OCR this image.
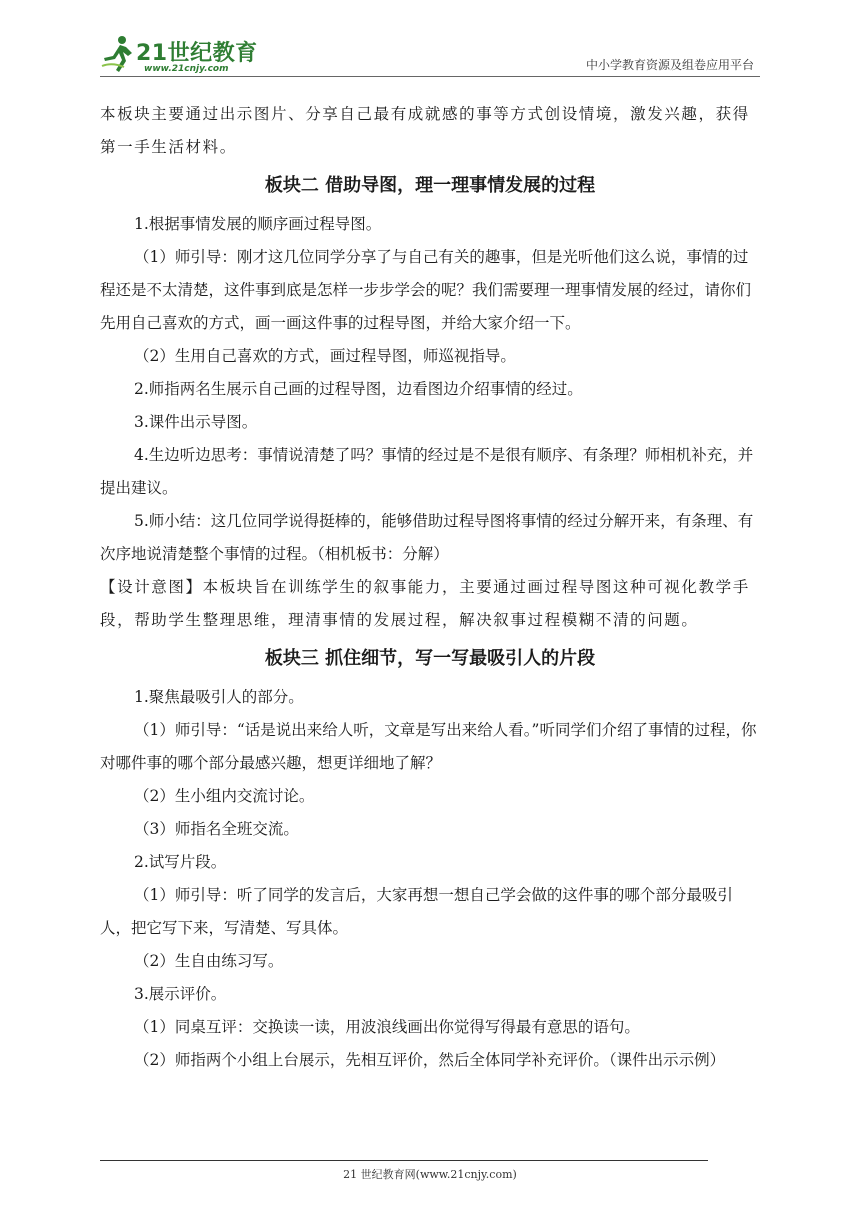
21世纪教育
www.21cnjy.com	中小学教育资源及组卷应用平台

本板块主要通过出示图片、分享自己最有成就感的事等方式创设情境，激发兴趣，获得第一手生活材料。

板块二 借助导图，理一理事情发展的过程

1.根据事情发展的顺序画过程导图。

（1）师引导：刚才这几位同学分享了与自己有关的趣事，但是光听他们这么说，事情的过程还是不太清楚，这件事到底是怎样一步步学会的呢？我们需要理一理事情发展的经过，请你们先用自己喜欢的方式，画一画这件事的过程导图，并给大家介绍一下。

（2）生用自己喜欢的方式，画过程导图，师巡视指导。

2.师指两名生展示自己画的过程导图，边看图边介绍事情的经过。

3.课件出示导图。

4.生边听边思考：事情说清楚了吗？事情的经过是不是很有顺序、有条理？师相机补充，并提出建议。

5.师小结：这几位同学说得挺棒的，能够借助过程导图将事情的经过分解开来，有条理、有次序地说清楚整个事情的过程。（相机板书：分解）

【设计意图】本板块旨在训练学生的叙事能力，主要通过画过程导图这种可视化教学手段，帮助学生整理思维，理清事情的发展过程，解决叙事过程模糊不清的问题。

板块三 抓住细节，写一写最吸引人的片段

1.聚焦最吸引人的部分。

（1）师引导：“话是说出来给人听，文章是写出来给人看。”听同学们介绍了事情的过程，你对哪件事的哪个部分最感兴趣，想更详细地了解？

（2）生小组内交流讨论。

（3）师指名全班交流。

2.试写片段。

（1）师引导：听了同学的发言后，大家再想一想自己学会做的这件事的哪个部分最吸引人，把它写下来，写清楚、写具体。

（2）生自由练习写。

3.展示评价。

（1）同桌互评：交换读一读，用波浪线画出你觉得写得最有意思的语句。

（2）师指两个小组上台展示，先相互评价，然后全体同学补充评价。（课件出示示例）

21 世纪教育网(www.21cnjy.com)
